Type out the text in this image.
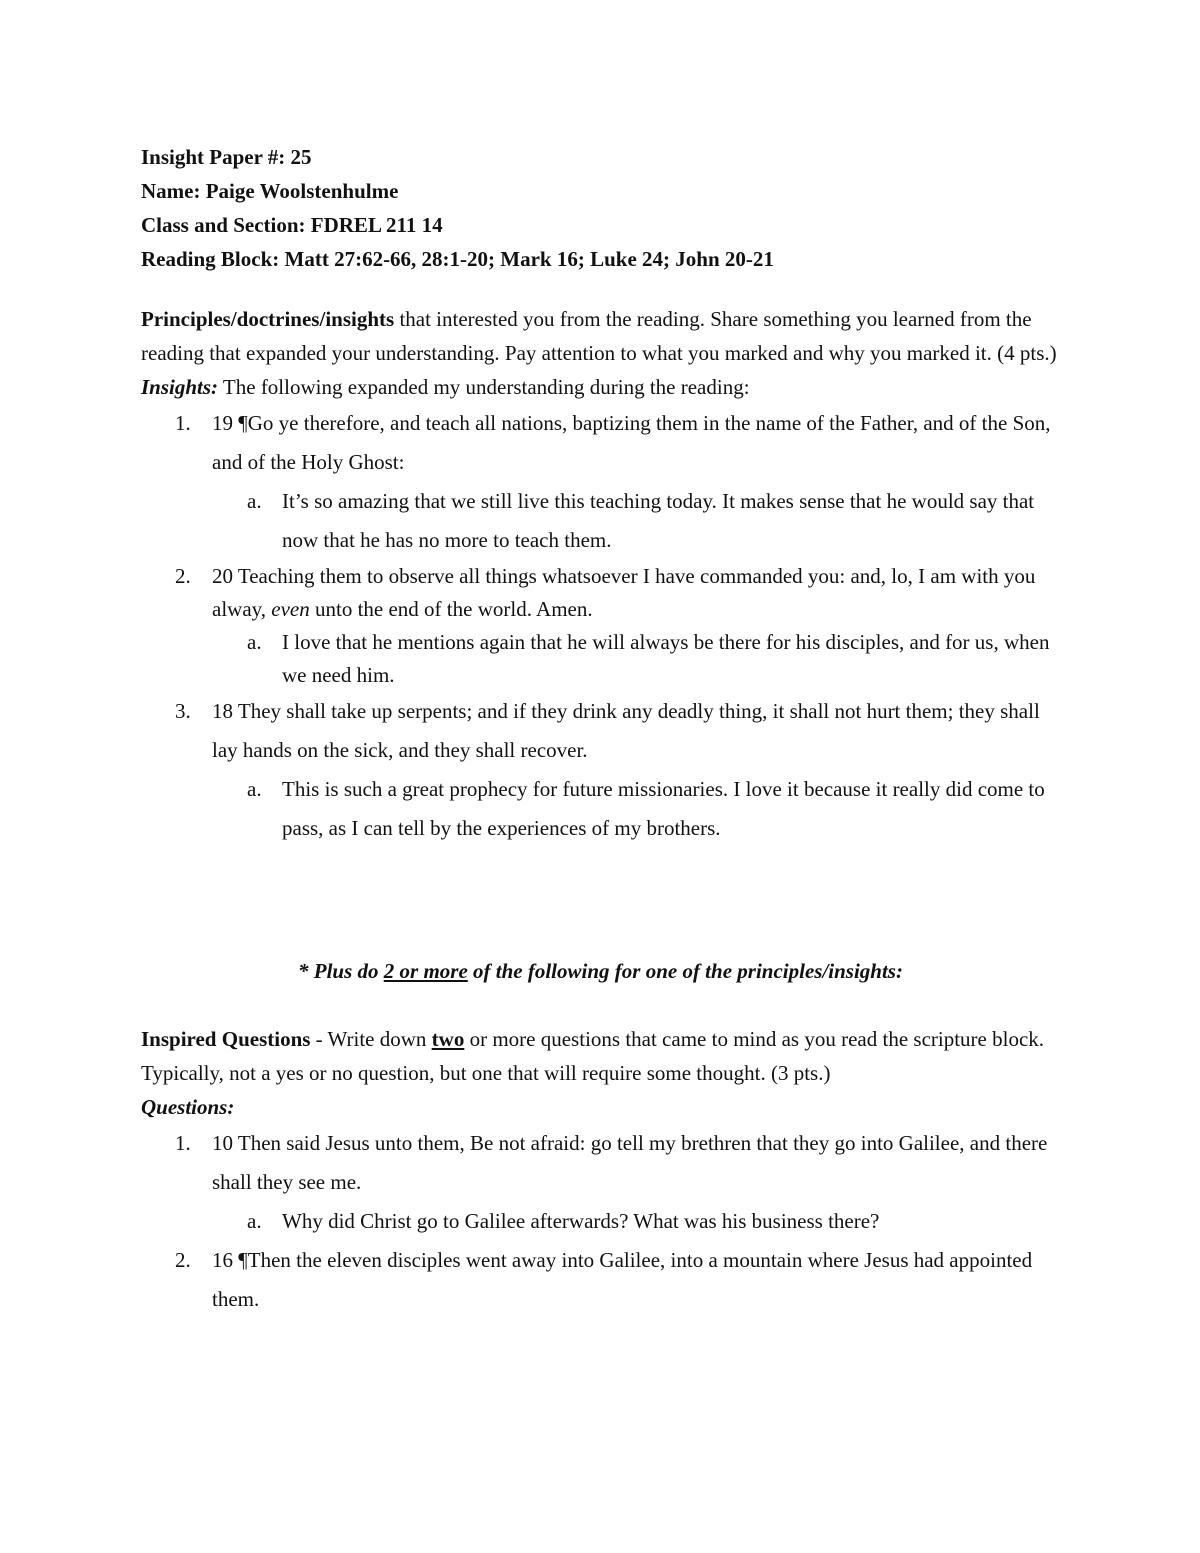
Insight Paper #: 25

Name: Paige Woolstenhulme

Class and Section: FDREL 211 14

Reading Block: Matt 27:62-66, 28:1-20; Mark 16; Luke 24; John 20-21

Principles/doctrines/insights that interested you from the reading. Share something you learned from the reading that expanded your understanding. Pay attention to what you marked and why you marked it. (4 pts.)

Insights: The following expanded my understanding during the reading:

1. 19 ¶Go ye therefore, and teach all nations, baptizing them in the name of the Father, and of the Son, and of the Holy Ghost:
a. It’s so amazing that we still live this teaching today. It makes sense that he would say that now that he has no more to teach them.
2. 20 Teaching them to observe all things whatsoever I have commanded you: and, lo, I am with you alway, even unto the end of the world. Amen.
a. I love that he mentions again that he will always be there for his disciples, and for us, when we need him.
3. 18 They shall take up serpents; and if they drink any deadly thing, it shall not hurt them; they shall lay hands on the sick, and they shall recover.
a. This is such a great prophecy for future missionaries. I love it because it really did come to pass, as I can tell by the experiences of my brothers.

* Plus do 2 or more of the following for one of the principles/insights:

Inspired Questions - Write down two or more questions that came to mind as you read the scripture block. Typically, not a yes or no question, but one that will require some thought. (3 pts.)

Questions:

1. 10 Then said Jesus unto them, Be not afraid: go tell my brethren that they go into Galilee, and there shall they see me.
a. Why did Christ go to Galilee afterwards? What was his business there?
2. 16 ¶Then the eleven disciples went away into Galilee, into a mountain where Jesus had appointed them.
